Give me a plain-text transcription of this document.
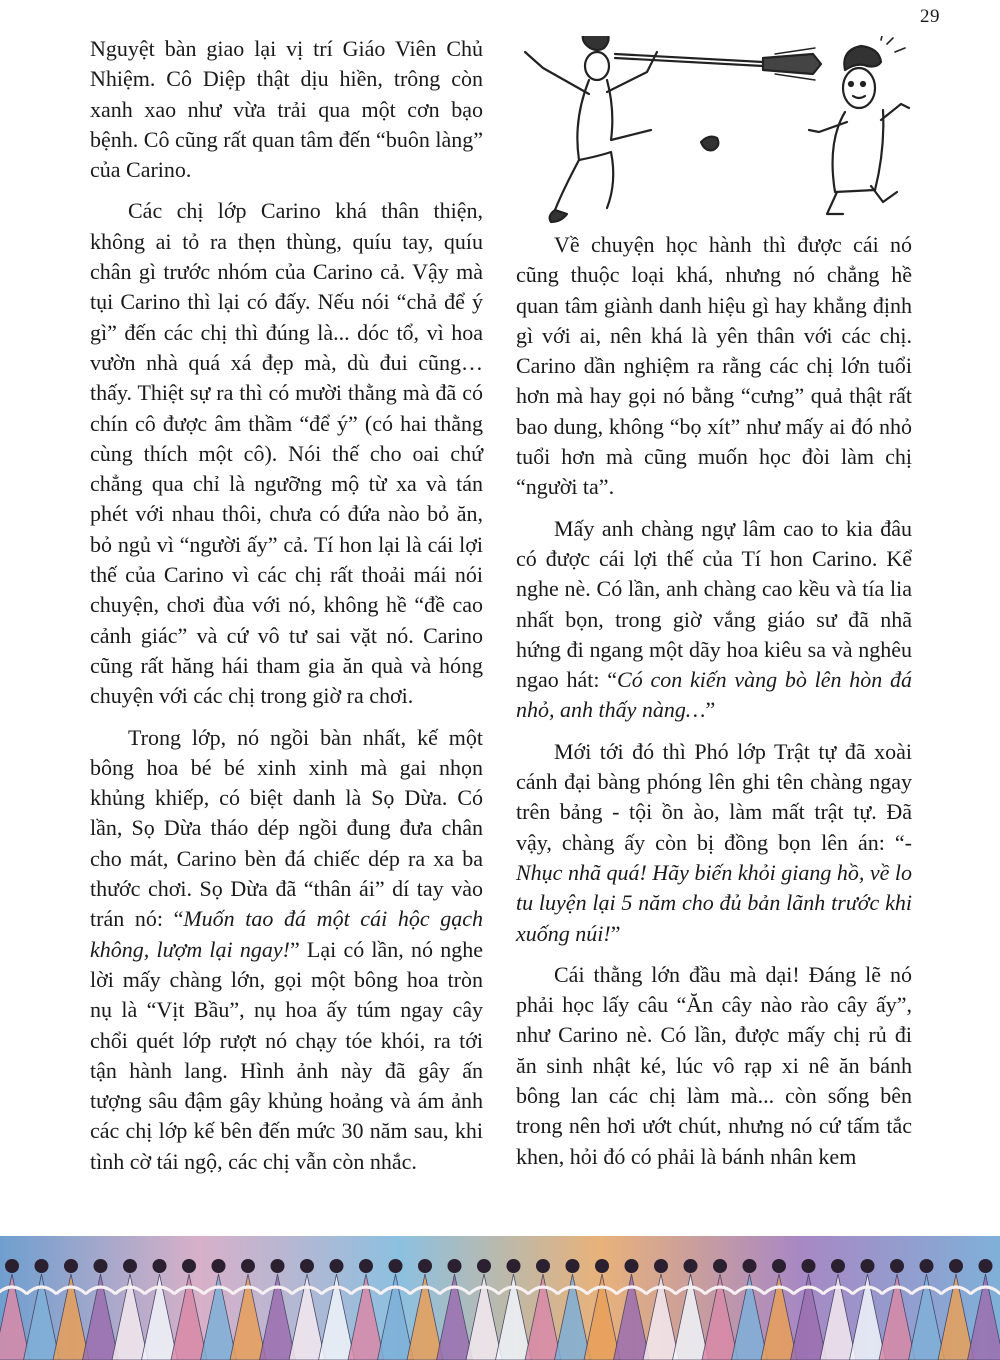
29

Nguyệt bàn giao lại vị trí Giáo Viên Chủ Nhiệm. Cô Diệp thật dịu hiền, trông còn xanh xao như vừa trải qua một cơn bạo bệnh. Cô cũng rất quan tâm đến “buôn làng” của Carino.

Các chị lớp Carino khá thân thiện, không ai tỏ ra thẹn thùng, quíu tay, quíu chân gì trước nhóm của Carino cả. Vậy mà tụi Carino thì lại có đấy. Nếu nói “chả để ý gì” đến các chị thì đúng là... dóc tổ, vì hoa vườn nhà quá xá đẹp mà, dù đui cũng… thấy. Thiệt sự ra thì có mười thằng mà đã có chín cô được âm thầm “để ý” (có hai thằng cùng thích một cô). Nói thế cho oai chứ chẳng qua chỉ là ngưỡng mộ từ xa và tán phét với nhau thôi, chưa có đứa nào bỏ ăn, bỏ ngủ vì “người ấy” cả. Tí hon lại là cái lợi thế của Carino vì các chị rất thoải mái nói chuyện, chơi đùa với nó, không hề “đề cao cảnh giác” và cứ vô tư sai vặt nó. Carino cũng rất hăng hái tham gia ăn quà và hóng chuyện với các chị trong giờ ra chơi.

Trong lớp, nó ngồi bàn nhất, kế một bông hoa bé bé xinh xinh mà gai nhọn khủng khiếp, có biệt danh là Sọ Dừa. Có lần, Sọ Dừa tháo dép ngồi đung đưa chân cho mát, Carino bèn đá chiếc dép ra xa ba thước chơi. Sọ Dừa đã “thân ái” dí tay vào trán nó: “Muốn tao đá một cái hộc gạch không, lượm lại ngay!” Lại có lần, nó nghe lời mấy chàng lớn, gọi một bông hoa tròn nụ là “Vịt Bầu”, nụ hoa ấy túm ngay cây chổi quét lớp rượt nó chạy tóe khói, ra tới tận hành lang. Hình ảnh này đã gây ấn tượng sâu đậm gây khủng hoảng và ám ảnh các chị lớp kế bên đến mức 30 năm sau, khi tình cờ tái ngộ, các chị vẫn còn nhắc.

Về chuyện học hành thì được cái nó cũng thuộc loại khá, nhưng nó chẳng hề quan tâm giành danh hiệu gì hay khẳng định gì với ai, nên khá là yên thân với các chị. Carino dần nghiệm ra rằng các chị lớn tuổi hơn mà hay gọi nó bằng “cưng” quả thật rất bao dung, không “bọ xít” như mấy ai đó nhỏ tuổi hơn mà cũng muốn học đòi làm chị “người ta”.

Mấy anh chàng ngự lâm cao to kia đâu có được cái lợi thế của Tí hon Carino. Kể nghe nè. Có lần, anh chàng cao kều và tía lia nhất bọn, trong giờ vắng giáo sư đã nhã hứng đi ngang một dãy hoa kiêu sa và nghêu ngao hát: “Có con kiến vàng bò lên hòn đá nhỏ, anh thấy nàng…”

Mới tới đó thì Phó lớp Trật tự đã xoài cánh đại bàng phóng lên ghi tên chàng ngay trên bảng - tội ồn ào, làm mất trật tự. Đã vậy, chàng ấy còn bị đồng bọn lên án: “-Nhục nhã quá! Hãy biến khỏi giang hồ, về lo tu luyện lại 5 năm cho đủ bản lãnh trước khi xuống núi!”

Cái thằng lớn đầu mà dại! Đáng lẽ nó phải học lấy câu “Ăn cây nào rào cây ấy”, như Carino nè. Có lần, được mấy chị rủ đi ăn sinh nhật ké, lúc vô rạp xi nê ăn bánh bông lan các chị làm mà... còn sống bên trong nên hơi ướt chút, nhưng nó cứ tấm tắc khen, hỏi đó có phải là bánh nhân kem
